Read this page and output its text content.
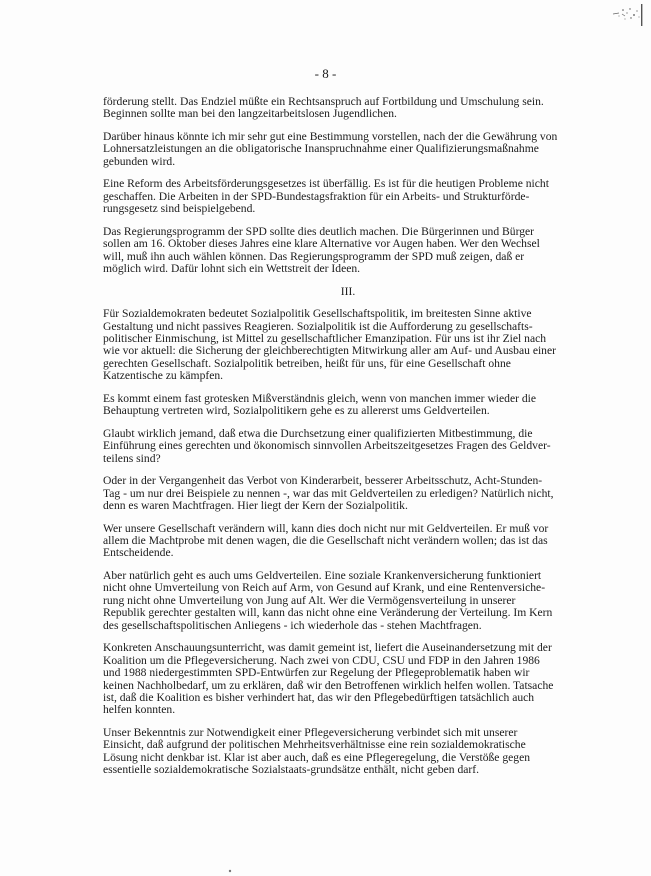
- 8 -

förderung stellt. Das Endziel müßte ein Rechtsanspruch auf Fortbildung und Umschulung sein.
Beginnen sollte man bei den langzeitarbeitslosen Jugendlichen.

Darüber hinaus könnte ich mir sehr gut eine Bestimmung vorstellen, nach der die Gewährung von
Lohnersatzleistungen an die obligatorische Inanspruchnahme einer Qualifizierungsmaßnahme
gebunden wird.

Eine Reform des Arbeitsförderungsgesetzes ist überfällig. Es ist für die heutigen Probleme nicht
geschaffen. Die Arbeiten in der SPD-Bundestagsfraktion für ein Arbeits- und Strukturförde-
rungsgesetz sind beispielgebend.

Das Regierungsprogramm der SPD sollte dies deutlich machen. Die Bürgerinnen und Bürger
sollen am 16. Oktober dieses Jahres eine klare Alternative vor Augen haben. Wer den Wechsel
will, muß ihn auch wählen können. Das Regierungsprogramm der SPD muß zeigen, daß er
möglich wird. Dafür lohnt sich ein Wettstreit der Ideen.

III.

Für Sozialdemokraten bedeutet Sozialpolitik Gesellschaftspolitik, im breitesten Sinne aktive
Gestaltung und nicht passives Reagieren. Sozialpolitik ist die Aufforderung zu gesellschafts-
politischer Einmischung, ist Mittel zu gesellschaftlicher Emanzipation. Für uns ist ihr Ziel nach
wie vor aktuell: die Sicherung der gleichberechtigten Mitwirkung aller am Auf- und Ausbau einer
gerechten Gesellschaft. Sozialpolitik betreiben, heißt für uns, für eine Gesellschaft ohne
Katzentische zu kämpfen.

Es kommt einem fast grotesken Mißverständnis gleich, wenn von manchen immer wieder die
Behauptung vertreten wird, Sozialpolitikern gehe es zu allererst ums Geldverteilen.

Glaubt wirklich jemand, daß etwa die Durchsetzung einer qualifizierten Mitbestimmung, die
Einführung eines gerechten und ökonomisch sinnvollen Arbeitszeitgesetzes Fragen des Geldver-
teilens sind?

Oder in der Vergangenheit das Verbot von Kinderarbeit, besserer Arbeitsschutz, Acht-Stunden-
Tag - um nur drei Beispiele zu nennen -, war das mit Geldverteilen zu erledigen? Natürlich nicht,
denn es waren Machtfragen. Hier liegt der Kern der Sozialpolitik.

Wer unsere Gesellschaft verändern will, kann dies doch nicht nur mit Geldverteilen. Er muß vor
allem die Machtprobe mit denen wagen, die die Gesellschaft nicht verändern wollen; das ist das
Entscheidende.

Aber natürlich geht es auch ums Geldverteilen. Eine soziale Krankenversicherung funktioniert
nicht ohne Umverteilung von Reich auf Arm, von Gesund auf Krank, und eine Rentenversiche-
rung nicht ohne Umverteilung von Jung auf Alt. Wer die Vermögensverteilung in unserer
Republik gerechter gestalten will, kann das nicht ohne eine Veränderung der Verteilung. Im Kern
des gesellschaftspolitischen Anliegens - ich wiederhole das - stehen Machtfragen.

Konkreten Anschauungsunterricht, was damit gemeint ist, liefert die Auseinandersetzung mit der
Koalition um die Pflegeversicherung. Nach zwei von CDU, CSU und FDP in den Jahren 1986
und 1988 niedergestimmten SPD-Entwürfen zur Regelung der Pflegeproblematik haben wir
keinen Nachholbedarf, um zu erklären, daß wir den Betroffenen wirklich helfen wollen. Tatsache
ist, daß die Koalition es bisher verhindert hat, das wir den Pflegebedürftigen tatsächlich auch
helfen konnten.

Unser Bekenntnis zur Notwendigkeit einer Pflegeversicherung verbindet sich mit unserer
Einsicht, daß aufgrund der politischen Mehrheitsverhältnisse eine rein sozialdemokratische
Lösung nicht denkbar ist. Klar ist aber auch, daß es eine Pflegeregelung, die Verstöße gegen
essentielle sozialdemokratische Sozialstaats-grundsätze enthält, nicht geben darf.
